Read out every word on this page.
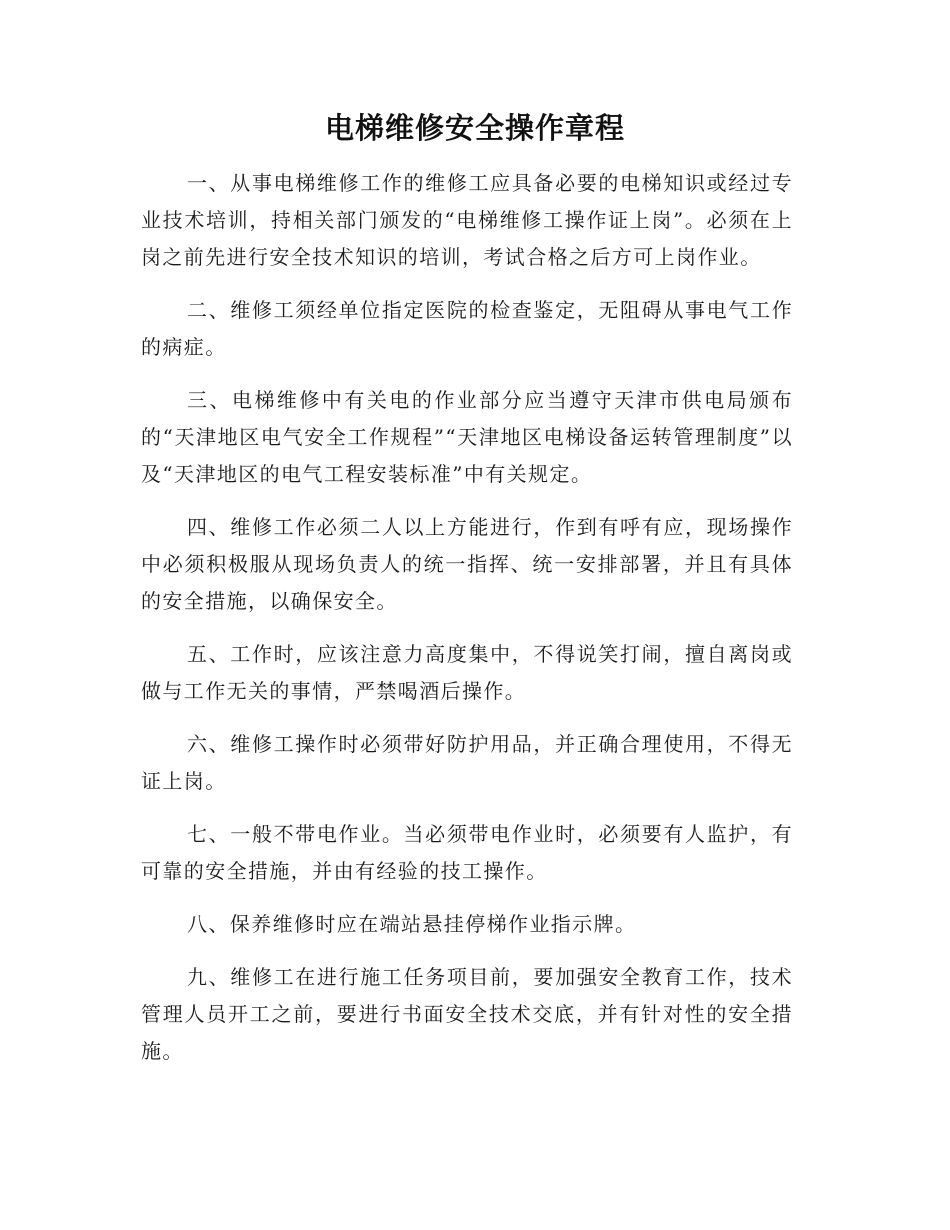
电梯维修安全操作章程

一、从事电梯维修工作的维修工应具备必要的电梯知识或经过专业技术培训，持相关部门颁发的“电梯维修工操作证上岗”。必须在上岗之前先进行安全技术知识的培训，考试合格之后方可上岗作业。

二、维修工须经单位指定医院的检查鉴定，无阻碍从事电气工作的病症。

三、电梯维修中有关电的作业部分应当遵守天津市供电局颁布的“天津地区电气安全工作规程”“天津地区电梯设备运转管理制度”以及“天津地区的电气工程安装标准”中有关规定。

四、维修工作必须二人以上方能进行，作到有呼有应，现场操作中必须积极服从现场负责人的统一指挥、统一安排部署，并且有具体的安全措施，以确保安全。

五、工作时，应该注意力高度集中，不得说笑打闹，擅自离岗或做与工作无关的事情，严禁喝酒后操作。

六、维修工操作时必须带好防护用品，并正确合理使用，不得无证上岗。

七、一般不带电作业。当必须带电作业时，必须要有人监护，有可靠的安全措施，并由有经验的技工操作。

八、保养维修时应在端站悬挂停梯作业指示牌。

九、维修工在进行施工任务项目前，要加强安全教育工作，技术管理人员开工之前，要进行书面安全技术交底，并有针对性的安全措施。
